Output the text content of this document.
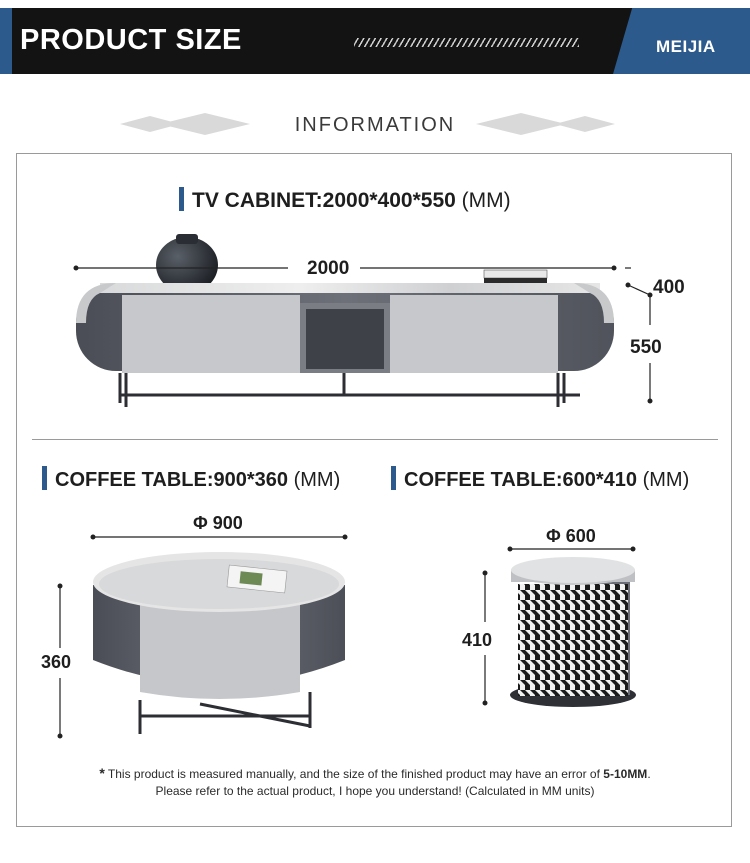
PRODUCT SIZE	MEIJIA
INFORMATION
TV CABINET:2000*400*550 (MM)
2000
400
550
COFFEE TABLE:900*360 (MM)	COFFEE TABLE:600*410 (MM)
Φ 900
360
Φ 600
410
* This product is measured manually, and the size of the finished product may have an error of 5-10MM.
Please refer to the actual product, I hope you understand! (Calculated in MM units)
